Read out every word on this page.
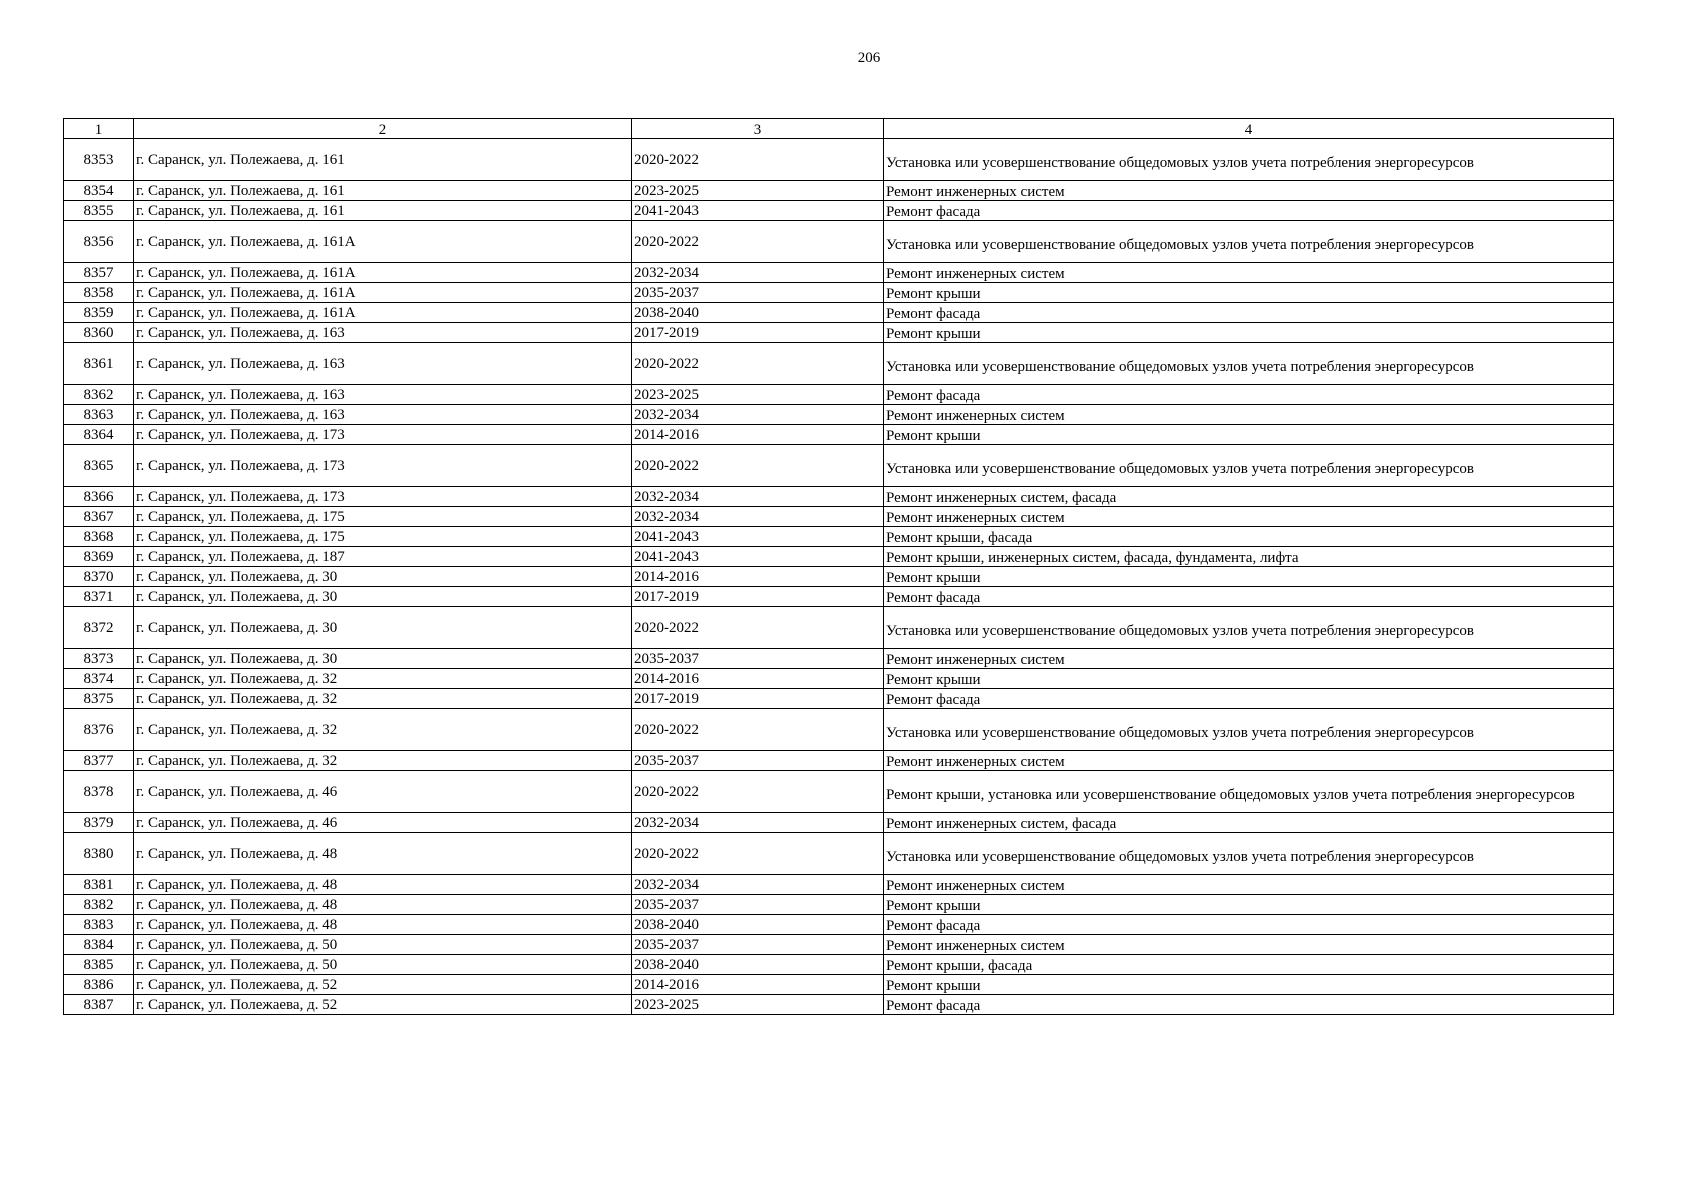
206
1	2	3	4
8353	г. Саранск, ул. Полежаева, д. 161	2020-2022	Установка или усовершенствование общедомовых узлов учета потребления энергоресурсов
8354	г. Саранск, ул. Полежаева, д. 161	2023-2025	Ремонт инженерных систем
8355	г. Саранск, ул. Полежаева, д. 161	2041-2043	Ремонт фасада
8356	г. Саранск, ул. Полежаева, д. 161А	2020-2022	Установка или усовершенствование общедомовых узлов учета потребления энергоресурсов
8357	г. Саранск, ул. Полежаева, д. 161А	2032-2034	Ремонт инженерных систем
8358	г. Саранск, ул. Полежаева, д. 161А	2035-2037	Ремонт крыши
8359	г. Саранск, ул. Полежаева, д. 161А	2038-2040	Ремонт фасада
8360	г. Саранск, ул. Полежаева, д. 163	2017-2019	Ремонт крыши
8361	г. Саранск, ул. Полежаева, д. 163	2020-2022	Установка или усовершенствование общедомовых узлов учета потребления энергоресурсов
8362	г. Саранск, ул. Полежаева, д. 163	2023-2025	Ремонт фасада
8363	г. Саранск, ул. Полежаева, д. 163	2032-2034	Ремонт инженерных систем
8364	г. Саранск, ул. Полежаева, д. 173	2014-2016	Ремонт крыши
8365	г. Саранск, ул. Полежаева, д. 173	2020-2022	Установка или усовершенствование общедомовых узлов учета потребления энергоресурсов
8366	г. Саранск, ул. Полежаева, д. 173	2032-2034	Ремонт инженерных систем, фасада
8367	г. Саранск, ул. Полежаева, д. 175	2032-2034	Ремонт инженерных систем
8368	г. Саранск, ул. Полежаева, д. 175	2041-2043	Ремонт крыши, фасада
8369	г. Саранск, ул. Полежаева, д. 187	2041-2043	Ремонт крыши, инженерных систем, фасада, фундамента, лифта
8370	г. Саранск, ул. Полежаева, д. 30	2014-2016	Ремонт крыши
8371	г. Саранск, ул. Полежаева, д. 30	2017-2019	Ремонт фасада
8372	г. Саранск, ул. Полежаева, д. 30	2020-2022	Установка или усовершенствование общедомовых узлов учета потребления энергоресурсов
8373	г. Саранск, ул. Полежаева, д. 30	2035-2037	Ремонт инженерных систем
8374	г. Саранск, ул. Полежаева, д. 32	2014-2016	Ремонт крыши
8375	г. Саранск, ул. Полежаева, д. 32	2017-2019	Ремонт фасада
8376	г. Саранск, ул. Полежаева, д. 32	2020-2022	Установка или усовершенствование общедомовых узлов учета потребления энергоресурсов
8377	г. Саранск, ул. Полежаева, д. 32	2035-2037	Ремонт инженерных систем
8378	г. Саранск, ул. Полежаева, д. 46	2020-2022	Ремонт крыши, установка или усовершенствование общедомовых узлов учета потребления энергоресурсов
8379	г. Саранск, ул. Полежаева, д. 46	2032-2034	Ремонт инженерных систем, фасада
8380	г. Саранск, ул. Полежаева, д. 48	2020-2022	Установка или усовершенствование общедомовых узлов учета потребления энергоресурсов
8381	г. Саранск, ул. Полежаева, д. 48	2032-2034	Ремонт инженерных систем
8382	г. Саранск, ул. Полежаева, д. 48	2035-2037	Ремонт крыши
8383	г. Саранск, ул. Полежаева, д. 48	2038-2040	Ремонт фасада
8384	г. Саранск, ул. Полежаева, д. 50	2035-2037	Ремонт инженерных систем
8385	г. Саранск, ул. Полежаева, д. 50	2038-2040	Ремонт крыши, фасада
8386	г. Саранск, ул. Полежаева, д. 52	2014-2016	Ремонт крыши
8387	г. Саранск, ул. Полежаева, д. 52	2023-2025	Ремонт фасада
